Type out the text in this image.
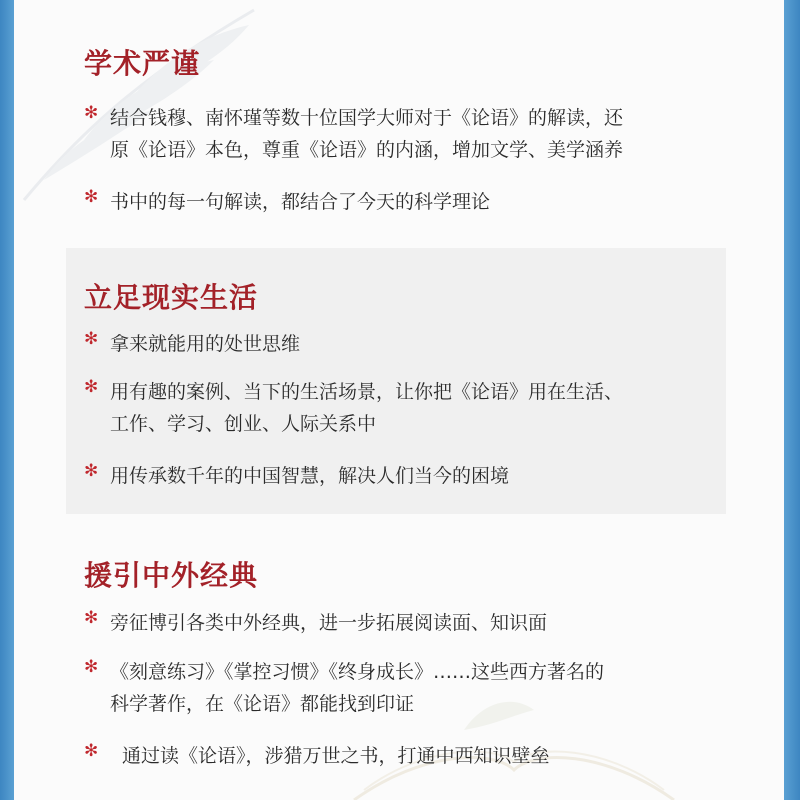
学术严谨
✻ 结合钱穆、南怀瑾等数十位国学大师对于《论语》的解读，还
原《论语》本色，尊重《论语》的内涵，增加文学、美学涵养
✻ 书中的每一句解读，都结合了今天的科学理论
立足现实生活
✻ 拿来就能用的处世思维
✻ 用有趣的案例、当下的生活场景，让你把《论语》用在生活、
工作、学习、创业、人际关系中
✻ 用传承数千年的中国智慧，解决人们当今的困境
援引中外经典
✻ 旁征博引各类中外经典，进一步拓展阅读面、知识面
✻ 《刻意练习》《掌控习惯》《终身成长》……这些西方著名的
科学著作，在《论语》都能找到印证
✻ 通过读《论语》，涉猎万世之书，打通中西知识壁垒
